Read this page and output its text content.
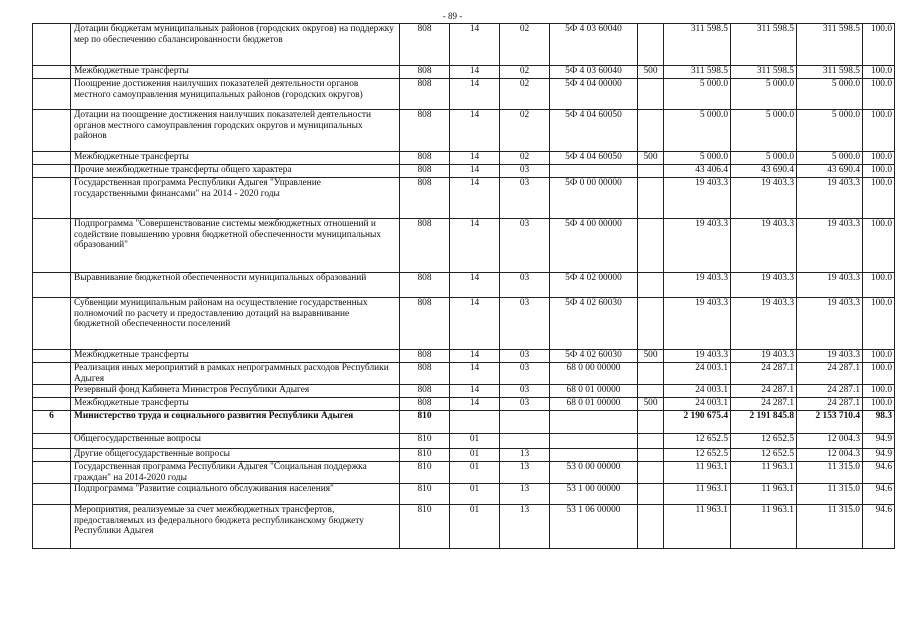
- 89 -
	Дотации бюджетам муниципальных районов (городских округов) на поддержку мер по обеспечению сбалансированности бюджетов	808	14	02	5Ф 4 03 60040		311 598.5	311 598.5	311 598.5	100.0
	Межбюджетные трансферты	808	14	02	5Ф 4 03 60040	500	311 598.5	311 598.5	311 598.5	100.0
	Поощрение достижения наилучших показателей деятельности органов местного самоуправления муниципальных районов (городских округов)	808	14	02	5Ф 4 04 00000		5 000.0	5 000.0	5 000.0	100.0
	Дотации на поощрение достижения наилучших показателей деятельности органов местного самоуправления городских округов и муниципальных районов	808	14	02	5Ф 4 04 60050		5 000.0	5 000.0	5 000.0	100.0
	Межбюджетные трансферты	808	14	02	5Ф 4 04 60050	500	5 000.0	5 000.0	5 000.0	100.0
	Прочие межбюджетные трансферты общего характера	808	14	03			43 406.4	43 690.4	43 690.4	100.0
	Государственная программа Республики Адыгея "Управление государственными финансами" на 2014 - 2020 годы	808	14	03	5Ф 0 00 00000		19 403.3	19 403.3	19 403.3	100.0
	Подпрограмма "Совершенствование системы межбюджетных отношений и содействие повышению уровня бюджетной обеспеченности муниципальных образований"	808	14	03	5Ф 4 00 00000		19 403.3	19 403.3	19 403.3	100.0
	Выравнивание бюджетной обеспеченности муниципальных образований	808	14	03	5Ф 4 02 00000		19 403.3	19 403.3	19 403.3	100.0
	Субвенции муниципальным районам на осуществление государственных полномочий по расчету и предоставлению дотаций на выравнивание бюджетной обеспеченности поселений	808	14	03	5Ф 4 02 60030		19 403.3	19 403.3	19 403.3	100.0
	Межбюджетные трансферты	808	14	03	5Ф 4 02 60030	500	19 403.3	19 403.3	19 403.3	100.0
	Реализация иных мероприятий в рамках непрограммных расходов Республики Адыгея	808	14	03	68 0 00 00000		24 003.1	24 287.1	24 287.1	100.0
	Резервный фонд Кабинета Министров Республики Адыгея	808	14	03	68 0 01 00000		24 003.1	24 287.1	24 287.1	100.0
	Межбюджетные трансферты	808	14	03	68 0 01 00000	500	24 003.1	24 287.1	24 287.1	100.0
6	Министерство труда и социального развития Республики Адыгея	810					2 190 675.4	2 191 845.8	2 153 710.4	98.3
	Общегосударственные вопросы	810	01				12 652.5	12 652.5	12 004.3	94.9
	Другие общегосударственные вопросы	810	01	13			12 652.5	12 652.5	12 004.3	94.9
	Государственная программа Республики Адыгея "Социальная поддержка граждан" на 2014-2020 годы	810	01	13	53 0 00 00000		11 963.1	11 963.1	11 315.0	94.6
	Подпрограмма "Развитие социального обслуживания населения"	810	01	13	53 1 00 00000		11 963.1	11 963.1	11 315.0	94.6
	Мероприятия, реализуемые за счет межбюджетных трансфертов, предоставляемых из федерального бюджета республиканскому бюджету Республики Адыгея	810	01	13	53 1 06 00000		11 963.1	11 963.1	11 315.0	94.6
